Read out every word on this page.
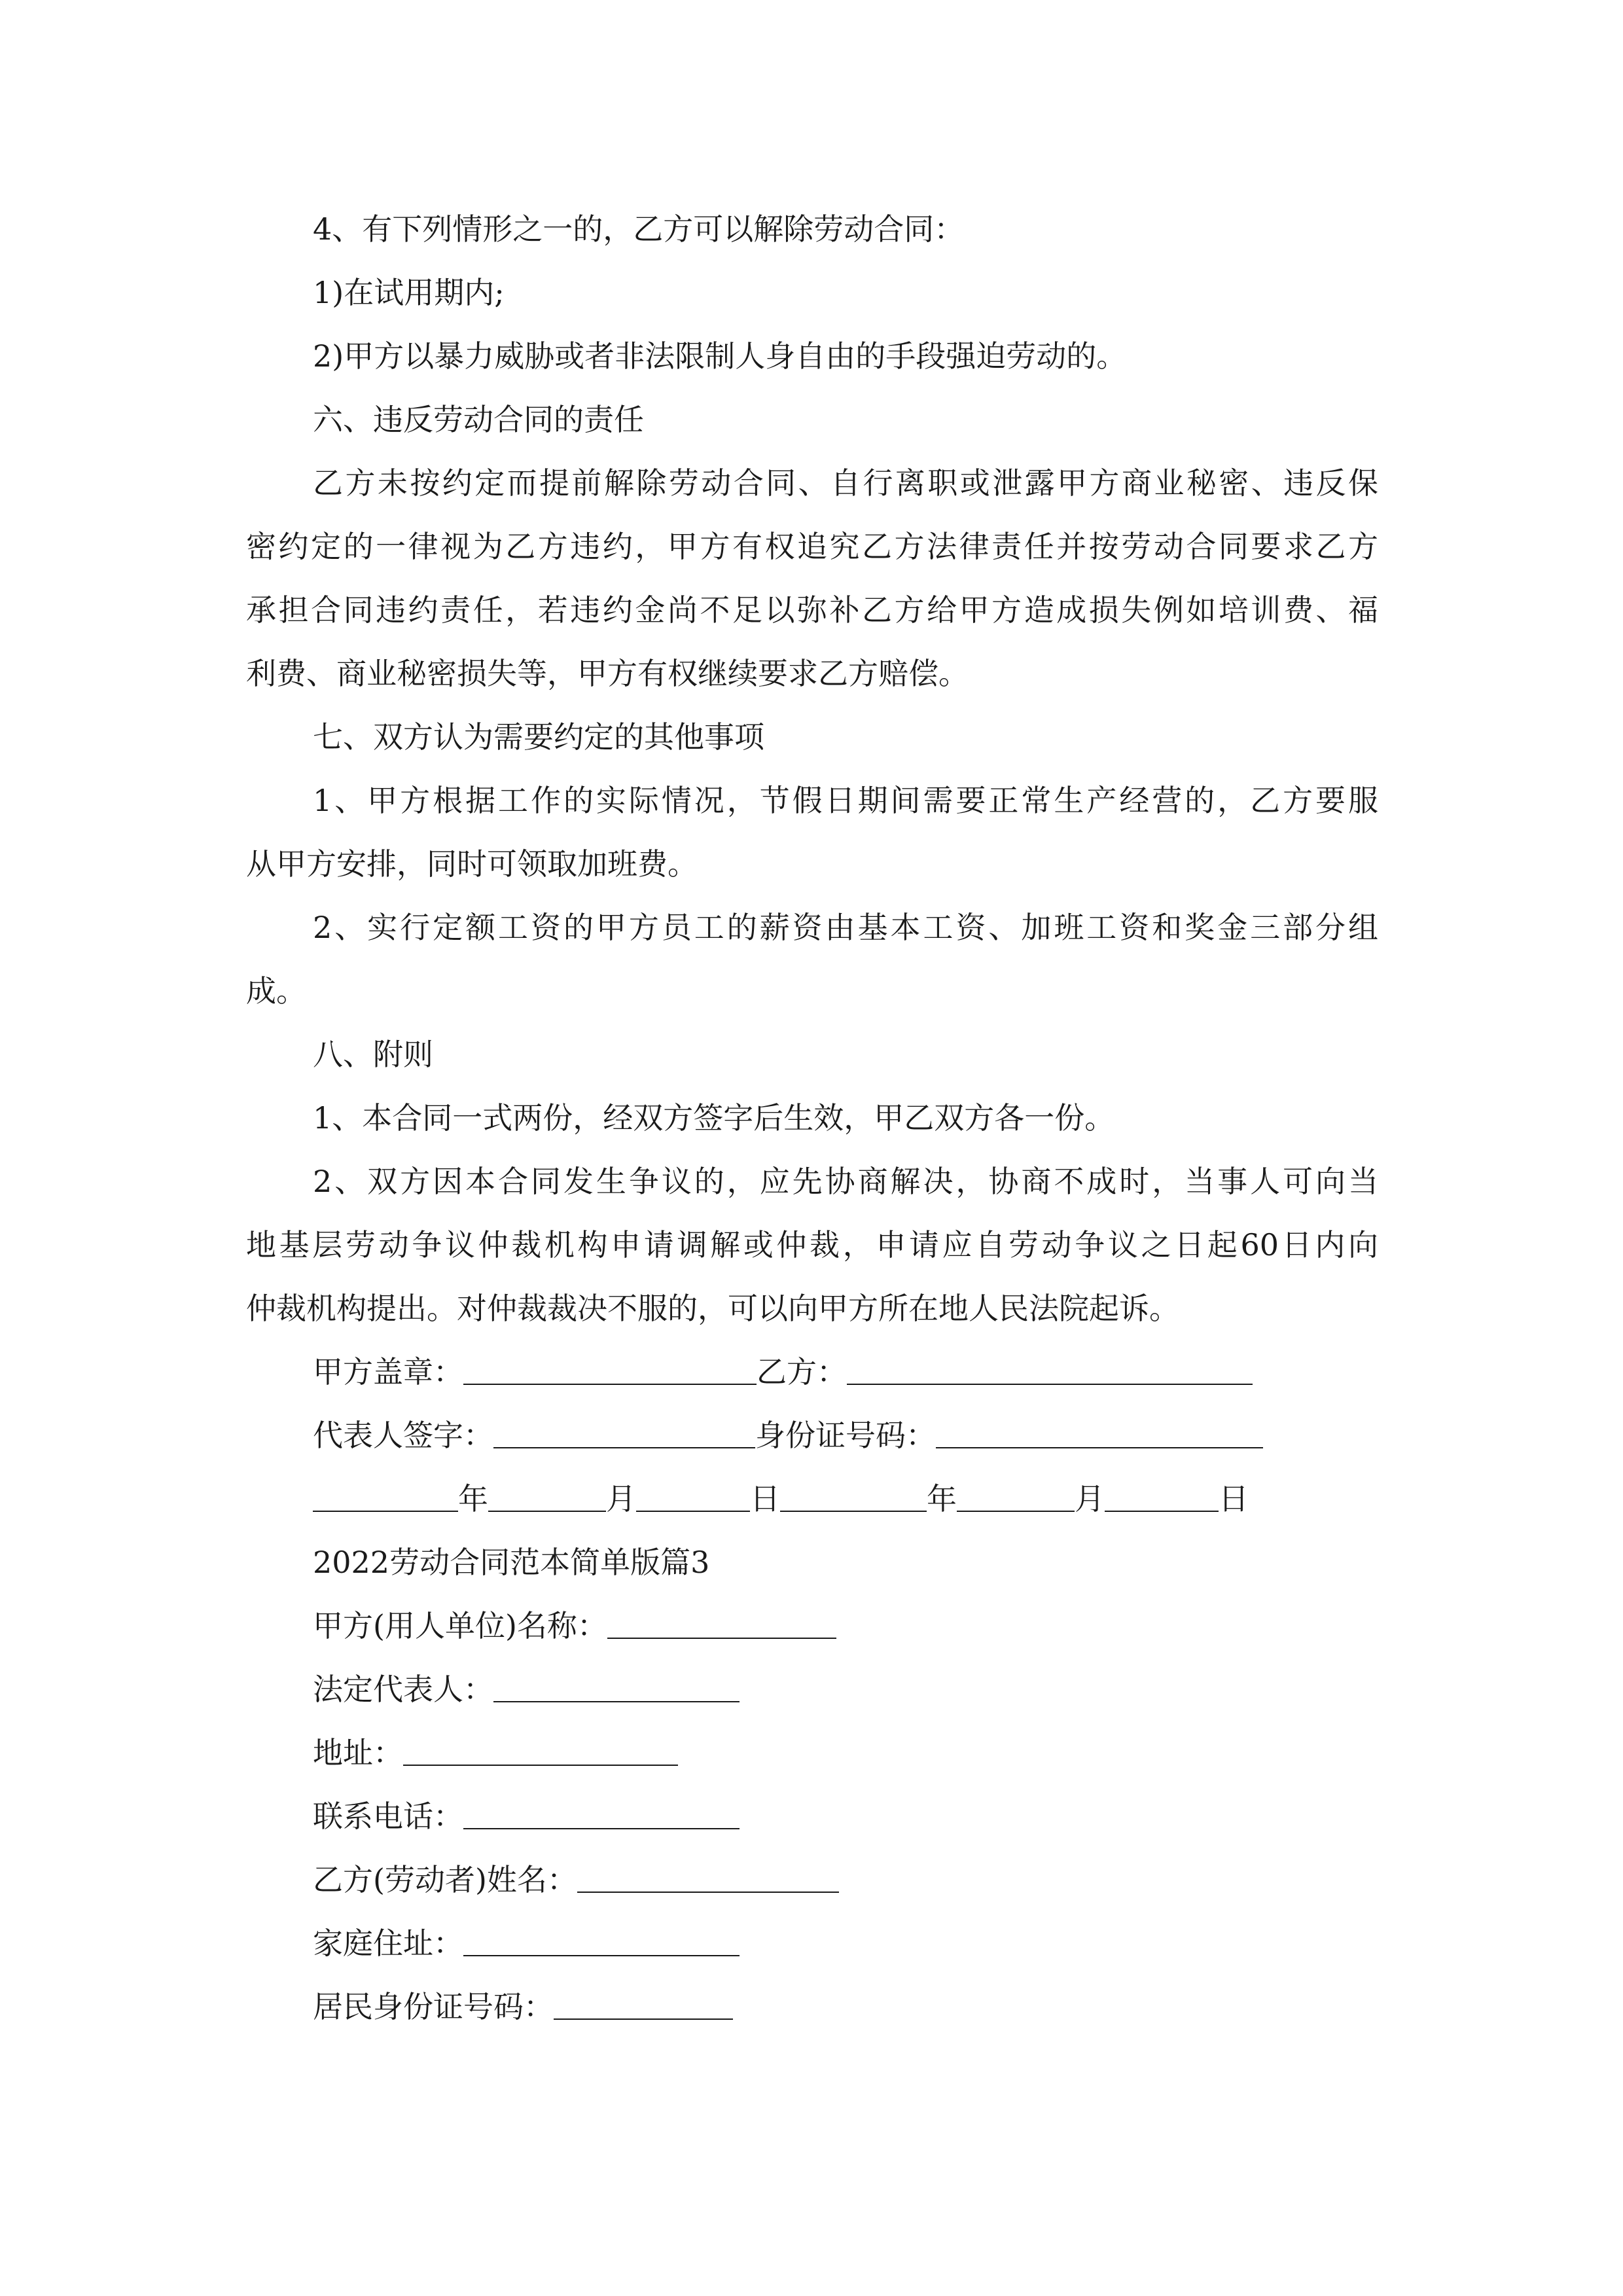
4、有下列情形之一的，乙方可以解除劳动合同：
1)在试用期内;
2)甲方以暴力威胁或者非法限制人身自由的手段强迫劳动的。
六、违反劳动合同的责任
乙方未按约定而提前解除劳动合同、自行离职或泄露甲方商业秘密、违反保
密约定的一律视为乙方违约，甲方有权追究乙方法律责任并按劳动合同要求乙方
承担合同违约责任，若违约金尚不足以弥补乙方给甲方造成损失例如培训费、福
利费、商业秘密损失等，甲方有权继续要求乙方赔偿。
七、双方认为需要约定的其他事项
1、甲方根据工作的实际情况，节假日期间需要正常生产经营的，乙方要服
从甲方安排，同时可领取加班费。
2、实行定额工资的甲方员工的薪资由基本工资、加班工资和奖金三部分组
成。
八、附则
1、本合同一式两份，经双方签字后生效，甲乙双方各一份。
2、双方因本合同发生争议的，应先协商解决，协商不成时，当事人可向当
地基层劳动争议仲裁机构申请调解或仲裁，申请应自劳动争议之日起60日内向
仲裁机构提出。对仲裁裁决不服的，可以向甲方所在地人民法院起诉。
甲方盖章：	乙方：
代表人签字：	身份证号码：
年	月	日	年	月	日
2022劳动合同范本简单版篇3
甲方(用人单位)名称：
法定代表人：
地址：
联系电话：
乙方(劳动者)姓名：
家庭住址：
居民身份证号码：
